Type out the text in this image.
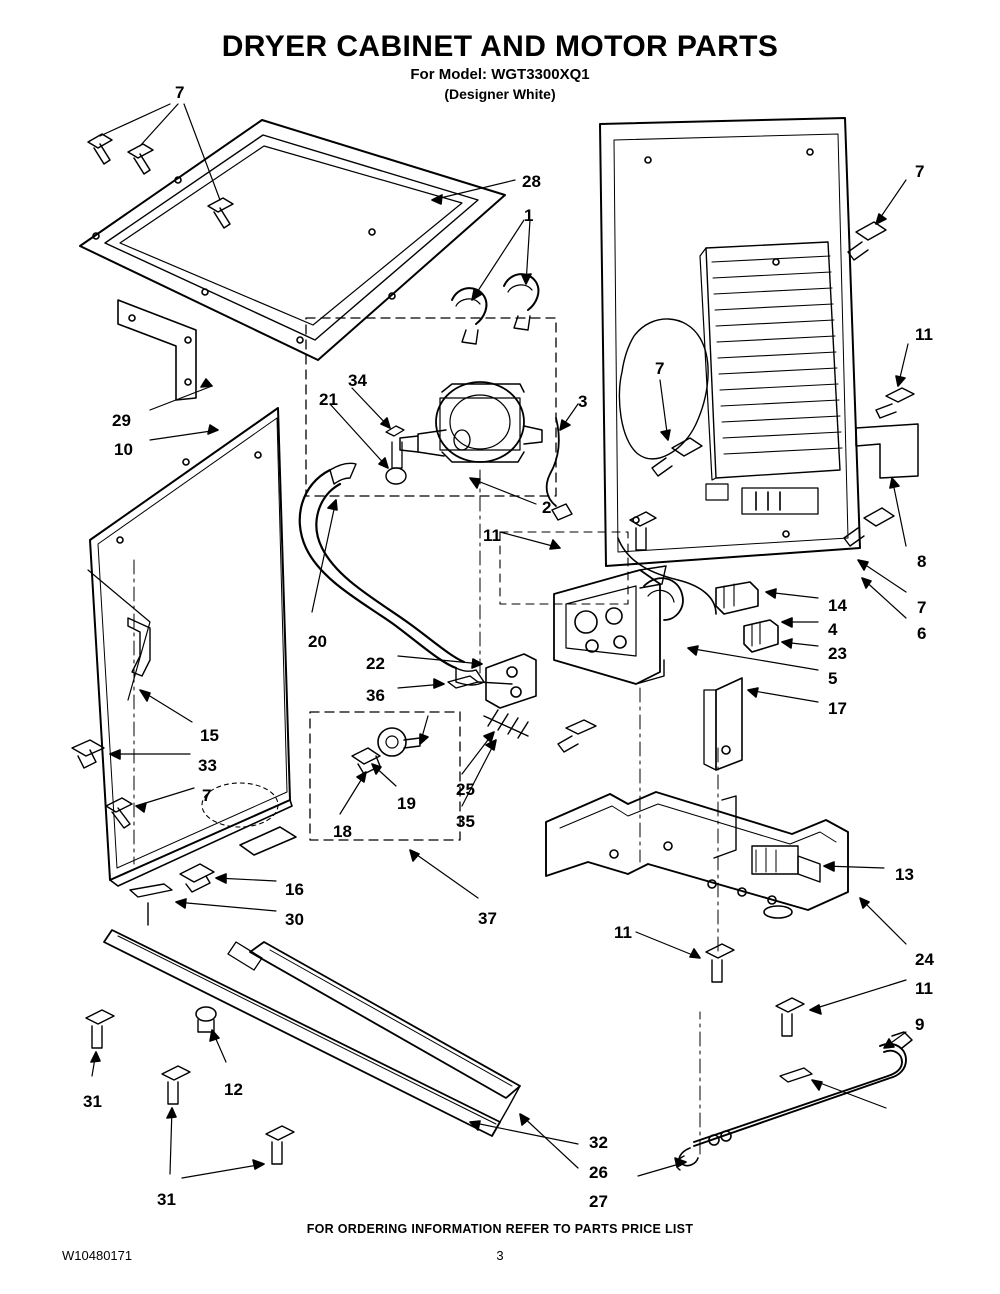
DRYER CABINET AND MOTOR PARTS
For Model: WGT3300XQ1
(Designer White)
7
28
1
7
11
34
21
7
3
29
10
2
11
8
7
6
14
4
23
5
20
22
36
17
15
33
7	19
25
35
18
13
16
30	37
11
24
11
9
31
12
31
32
26
27
FOR ORDERING INFORMATION REFER TO PARTS PRICE LIST
W10480171	3
